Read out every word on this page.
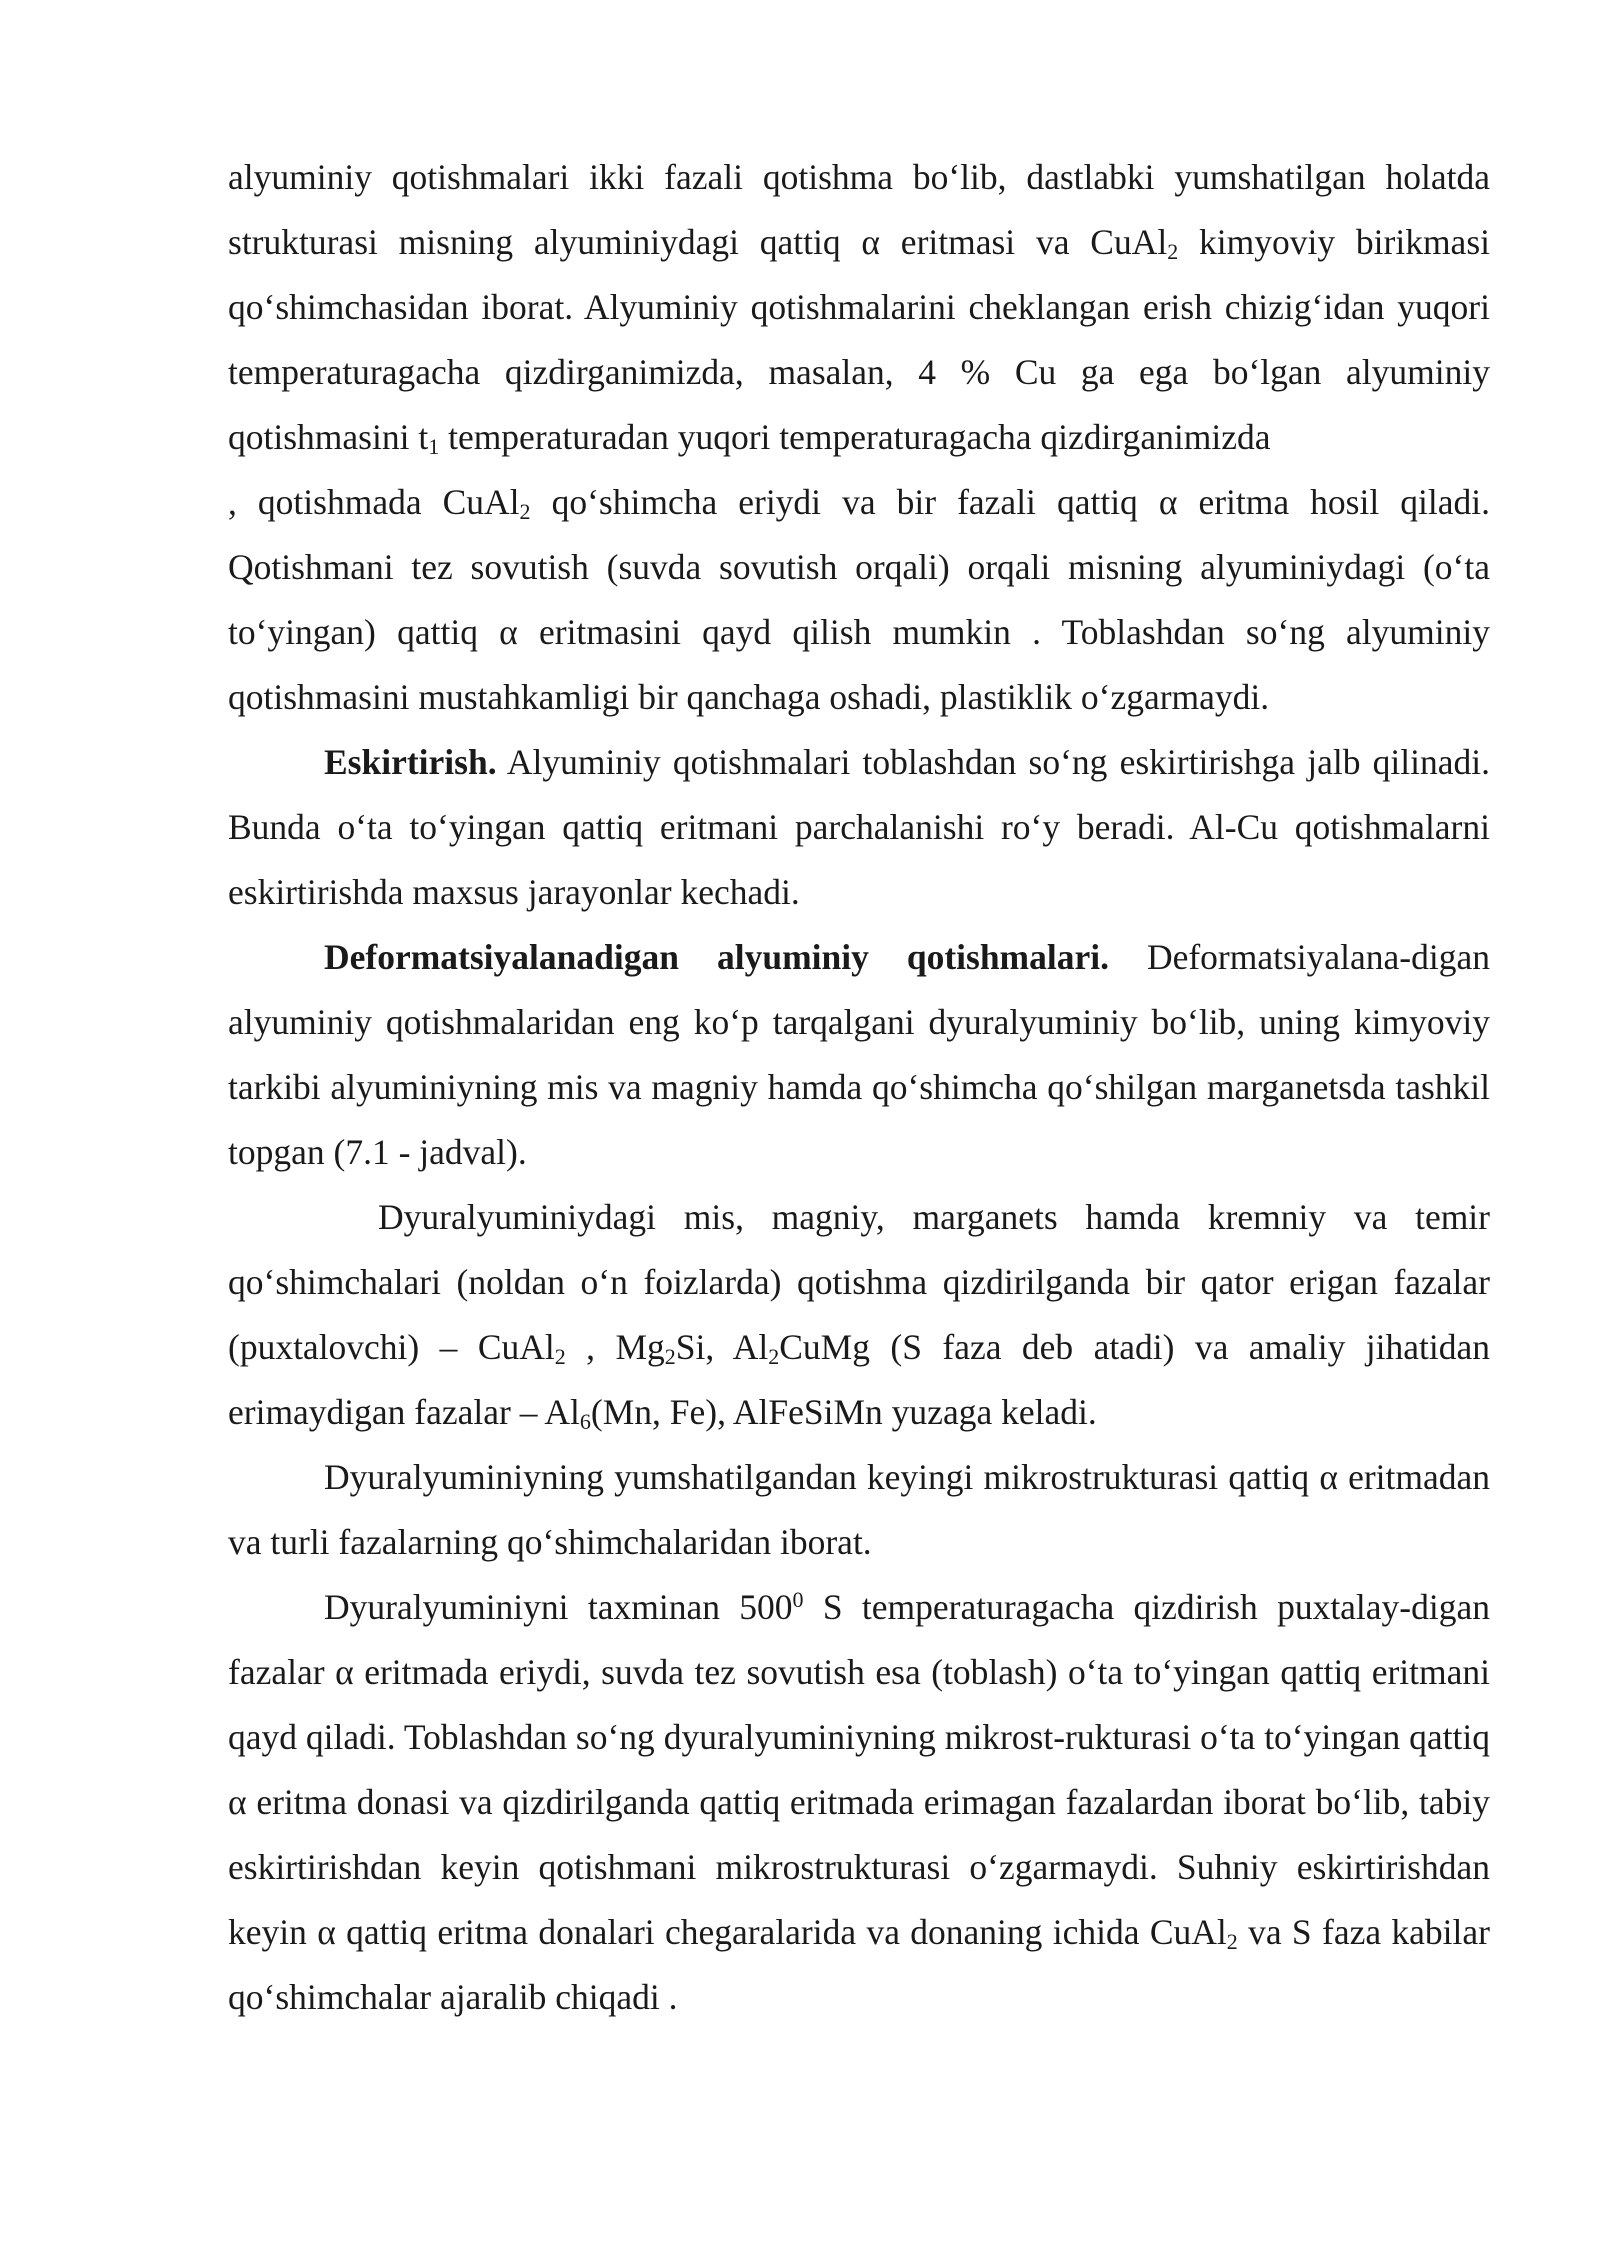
alyuminiy qotishmalari ikki fazali qotishma bo‘lib, dastlabki yumshatilgan holatda strukturasi misning alyuminiydagi qattiq α eritmasi va CuAl$_2$ kimyoviy birikmasi qo‘shimchasidan iborat. Alyuminiy qotishmalarini cheklangan erish chizig‘idan yuqori temperaturagacha qizdirganimizda, masalan, 4 % Cu ga ega bo‘lgan alyuminiy qotishmasini $t_1$ temperaturadan yuqori temperaturagacha qizdirganimizda

, qotishmada CuAl$_2$ qo‘shimcha eriydi va bir fazali qattiq α eritma hosil qiladi. Qotishmani tez sovutish (suvda sovutish orqali) orqali misning alyuminiydagi (o‘ta to‘yingan) qattiq α eritmasini qayd qilish mumkin . Toblashdan so‘ng alyuminiy qotishmasini mustahkamligi bir qanchaga oshadi, plastiklik o‘zgarmaydi.

Eskirtirish. Alyuminiy qotishmalari toblashdan so‘ng eskirtirishga jalb qilinadi. Bunda o‘ta to‘yingan qattiq eritmani parchalanishi ro‘y beradi. Al-Cu qotishmalarni eskirtirishda maxsus jarayonlar kechadi.

Deformatsiyalanadigan alyuminiy qotishmalari. Deformatsiyalana-digan alyuminiy qotishmalaridan eng ko‘p tarqalgani dyuralyuminiy bo‘lib, uning kimyoviy tarkibi alyuminiyning mis va magniy hamda qo‘shimcha qo‘shilgan marganetsda tashkil topgan (7.1 - jadval).

Dyuralyuminiydagi mis, magniy, marganets hamda kremniy va temir qo‘shimchalari (noldan o‘n foizlarda) qotishma qizdirilganda bir qator erigan fazalar (puxtalovchi) – CuAl$_2$ , $Mg_2Si$, $Al_2CuMg$ (S faza deb atadi) va amaliy jihatidan erimaydigan fazalar – $Al_6(Mn$, Fe), AlFeSiMn yuzaga keladi.

Dyuralyuminiyning yumshatilgandan keyingi mikrostrukturasi qattiq α eritmadan va turli fazalarning qo‘shimchalaridan iborat.

Dyuralyuminiyni taxminan $500^0$ S temperaturagacha qizdirish puxtalay-digan fazalar α eritmada eriydi, suvda tez sovutish esa (toblash) o‘ta to‘yingan qattiq eritmani qayd qiladi. Toblashdan so‘ng dyuralyuminiyning mikrost-rukturasi o‘ta to‘yingan qattiq α eritma donasi va qizdirilganda qattiq eritmada erimagan fazalardan iborat bo‘lib, tabiy eskirtirishdan keyin qotishmani mikrostrukturasi o‘zgarmaydi. Suhniy eskirtirishdan keyin α qattiq eritma donalari chegaralarida va donaning ichida CuAl$_2$ va S faza kabilar qo‘shimchalar ajaralib chiqadi .
